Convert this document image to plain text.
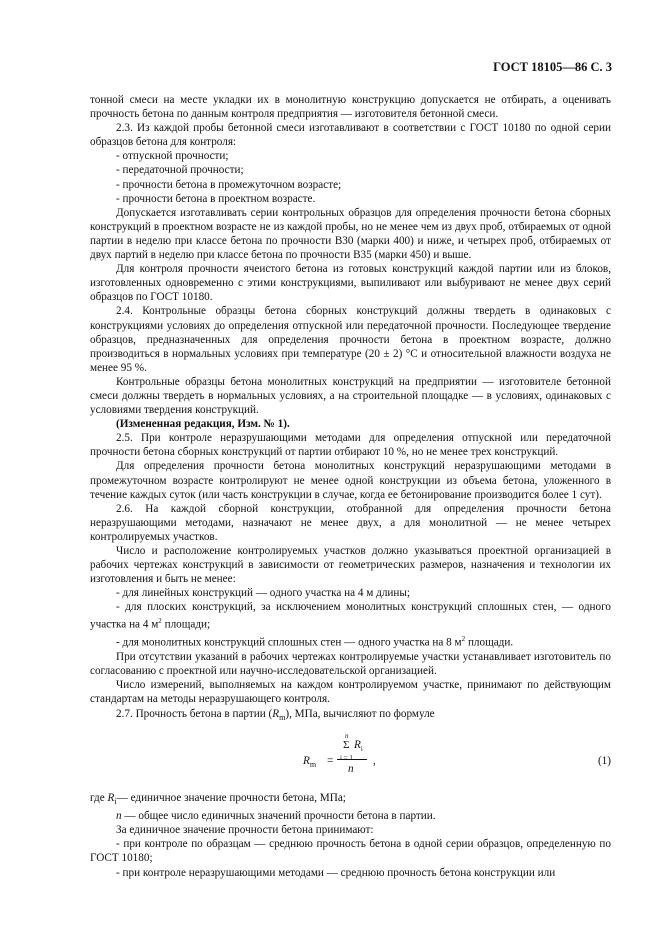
ГОСТ 18105—86 С. 3

тонной смеси на месте укладки их в монолитную конструкцию допускается не отбирать, а оценивать прочность бетона по данным контроля предприятия — изготовителя бетонной смеси.

2.3. Из каждой пробы бетонной смеси изготавливают в соответствии с ГОСТ 10180 по одной серии образцов бетона для контроля:

- отпускной прочности;

- передаточной прочности;

- прочности бетона в промежуточном возрасте;

- прочности бетона в проектном возрасте.

Допускается изготавливать серии контрольных образцов для определения прочности бетона сборных конструкций в проектном возрасте не из каждой пробы, но не менее чем из двух проб, отбираемых от одной партии в неделю при классе бетона по прочности В30 (марки 400) и ниже, и четырех проб, отбираемых от двух партий в неделю при классе бетона по прочности В35 (марки 450) и выше.

Для контроля прочности ячеистого бетона из готовых конструкций каждой партии или из блоков, изготовленных одновременно с этими конструкциями, выпиливают или выбуривают не менее двух серий образцов по ГОСТ 10180.

2.4. Контрольные образцы бетона сборных конструкций должны твердеть в одинаковых с конструкциями условиях до определения отпускной или передаточной прочности. Последующее твердение образцов, предназначенных для определения прочности бетона в проектном возрасте, должно производиться в нормальных условиях при температуре (20 ± 2) °С и относительной влажности воздуха не менее 95 %.

Контрольные образцы бетона монолитных конструкций на предприятии — изготовителе бетонной смеси должны твердеть в нормальных условиях, а на строительной площадке — в условиях, одинаковых с условиями твердения конструкций.

(Измененная редакция, Изм. № 1).

2.5. При контроле неразрушающими методами для определения отпускной или передаточной прочности бетона сборных конструкций от партии отбирают 10 %, но не менее трех конструкций.

Для определения прочности бетона монолитных конструкций неразрушающими методами в промежуточном возрасте контролируют не менее одной конструкции из объема бетона, уложенного в течение каждых суток (или часть конструкции в случае, когда ее бетонирование производится более 1 сут).

2.6. На каждой сборной конструкции, отобранной для определения прочности бетона неразрушающими методами, назначают не менее двух, а для монолитной — не менее четырех контролируемых участков.

Число и расположение контролируемых участков должно указываться проектной организацией в рабочих чертежах конструкций в зависимости от геометрических размеров, назначения и технологии их изготовления и быть не менее:

- для линейных конструкций — одного участка на 4 м длины;

- для плоских конструкций, за исключением монолитных конструкций сплошных стен, — одного участка на 4 $м^2$ площади;

- для монолитных конструкций сплошных стен — одного участка на 8 $м^2$ площади.

При отсутствии указаний в рабочих чертежах контролируемые участки устанавливает изготовитель по согласованию с проектной или научно-исследовательской организацией.

Число измерений, выполняемых на каждом контролируемом участке, принимают по действующим стандартам на методы неразрушающего контроля.

2.7. Прочность бетона в партии $(R_m)$, МПа, вычисляют по формуле

$R_m$ =
n
Σ $R_i$
i = 1
n
,	(1)

где $R_i—$ единичное значение прочности бетона, МПа;

n — общее число единичных значений прочности бетона в партии.

За единичное значение прочности бетона принимают:

- при контроле по образцам — среднюю прочность бетона в одной серии образцов, определенную по ГОСТ 10180;

- при контроле неразрушающими методами — среднюю прочность бетона конструкции или
